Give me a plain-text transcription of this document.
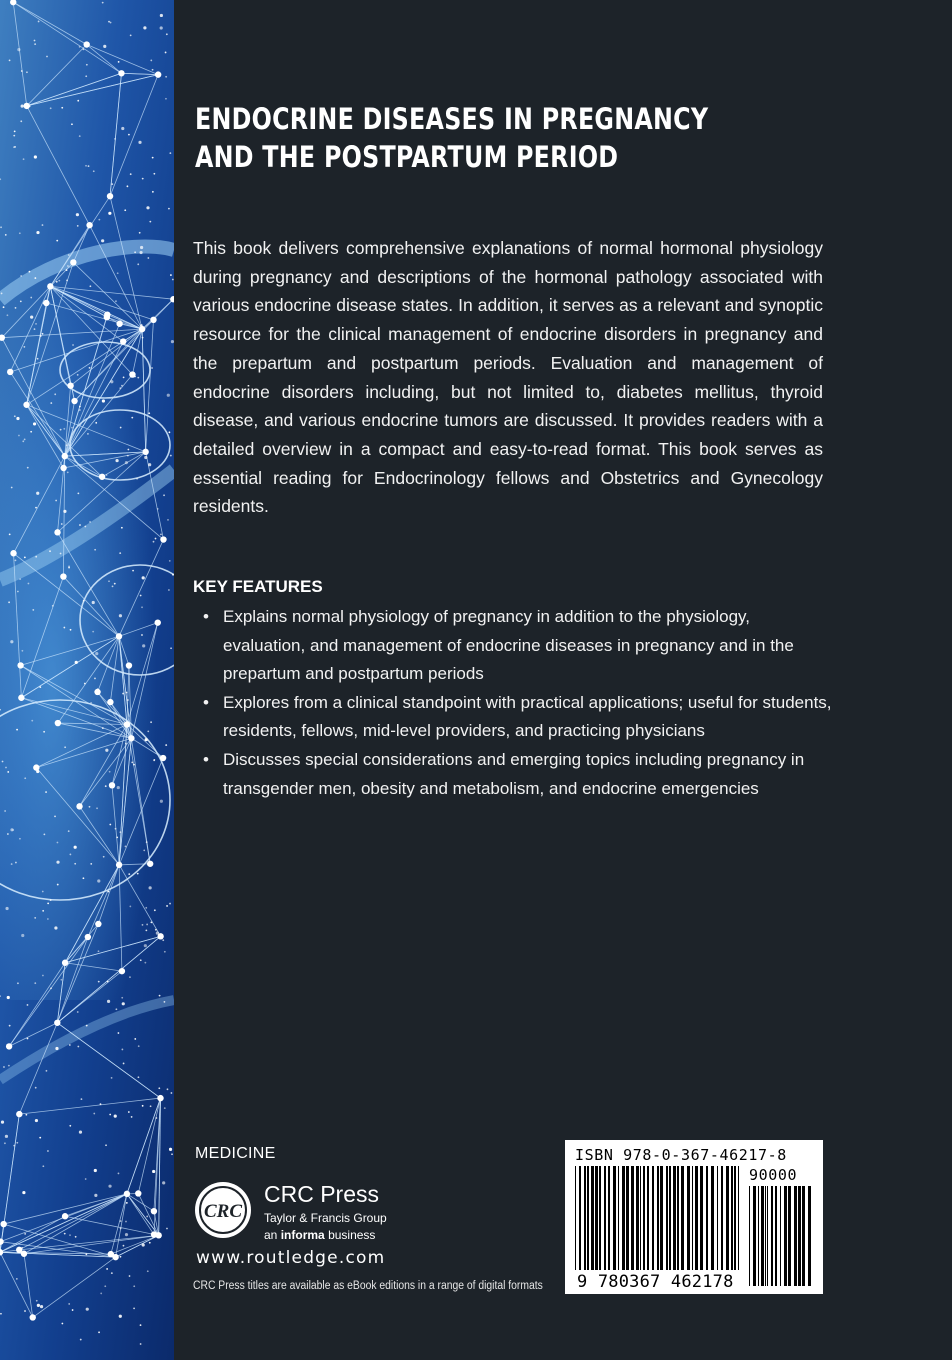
ENDOCRINE DISEASES IN PREGNANCY
AND THE POSTPARTUM PERIOD

This book delivers comprehensive explanations of normal hormonal physiology during pregnancy and descriptions of the hormonal pathology associated with various endocrine disease states. In addition, it serves as a relevant and synoptic resource for the clinical management of endocrine disorders in pregnancy and the prepartum and postpartum periods. Evaluation and management of endocrine disorders including, but not limited to, diabetes mellitus, thyroid disease, and various endocrine tumors are discussed. It provides readers with a detailed overview in a compact and easy-to-read format. This book serves as essential reading for Endocrinology fellows and Obstetrics and Gynecology residents.

KEY FEATURES
• Explains normal physiology of pregnancy in addition to the physiology, evaluation, and management of endocrine diseases in pregnancy and in the prepartum and postpartum periods
• Explores from a clinical standpoint with practical applications; useful for students, residents, fellows, mid-level providers, and practicing physicians
• Discusses special considerations and emerging topics including pregnancy in transgender men, obesity and metabolism, and endocrine emergencies

MEDICINE

CRC

CRC Press

Taylor & Francis Group

an informa business

www.routledge.com

CRC Press titles are available as eBook editions in a range of digital formats

ISBN 978-0-367-46217-8

90000

9 780367 462178
